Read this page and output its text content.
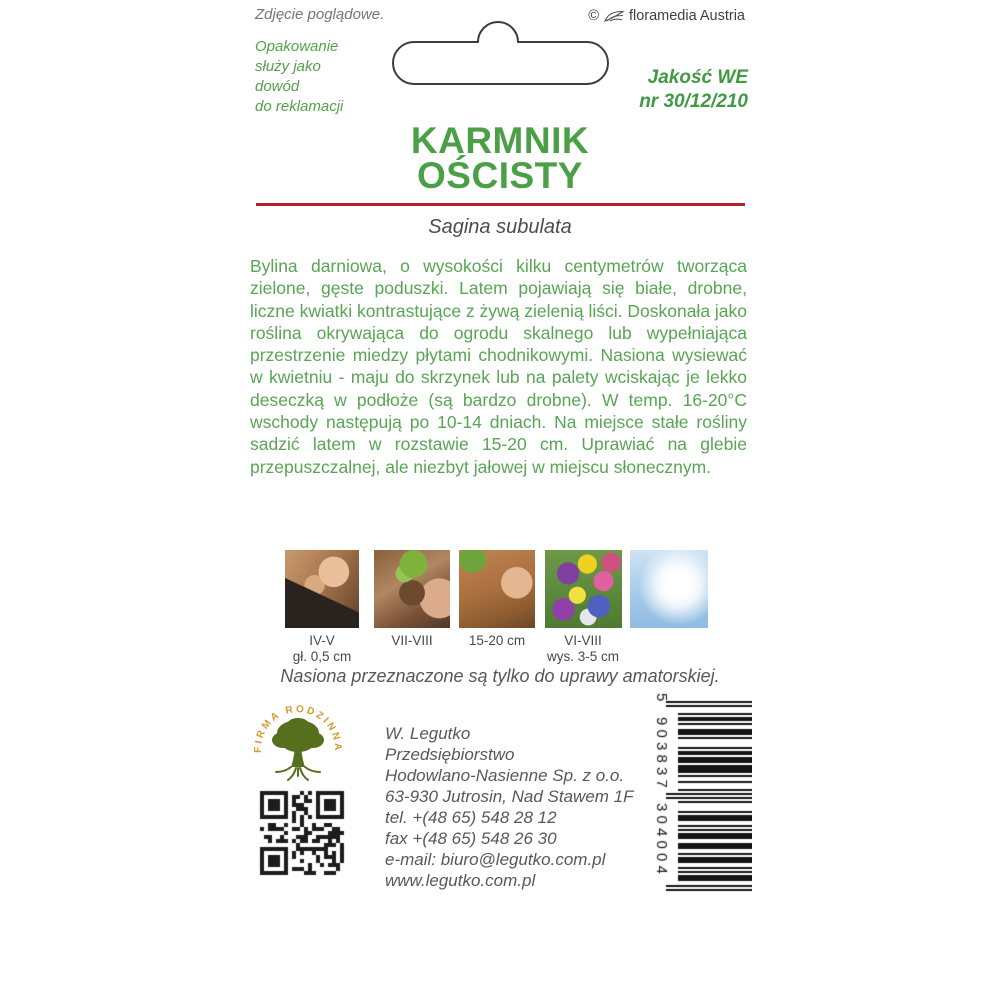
Zdjęcie poglądowe.
Opakowanie
służy jako
dowód
do reklamacji
© floramedia Austria
Jakość WE
nr 30/12/210
KARMNIK
OŚCISTY
Sagina subulata

Bylina darniowa, o wysokości kilku centymetrów tworząca zielone, gęste poduszki. Latem pojawiają się białe, drobne, liczne kwiatki kontrastujące z żywą zielenią liści. Doskonała jako roślina okrywająca do ogrodu skalnego lub wypełniająca przestrzenie miedzy płytami chodnikowymi. Nasiona wysiewać w kwietniu - maju do skrzynek lub na palety wciskając je lekko deseczką w podłoże (są bardzo drobne). W temp. 16-20°C wschody następują po 10-14 dniach. Na miejsce stałe rośliny sadzić latem w rozstawie 15-20 cm. Uprawiać na glebie przepuszczalnej, ale niezbyt jałowej w miejscu słonecznym.

IV-V
gł. 0,5 cm
VII-VIII	15-20 cm	VI-VIII
wys. 3-5 cm
Nasiona przeznaczone są tylko do uprawy amatorskiej.
FIRMA RODZINNA
W. Legutko
Przedsiębiorstwo
Hodowlano-Nasienne Sp. z o.o.
63-930 Jutrosin, Nad Stawem 1F
tel. +(48 65) 548 28 12
fax +(48 65) 548 26 30
e-mail: biuro@legutko.com.pl
www.legutko.com.pl
